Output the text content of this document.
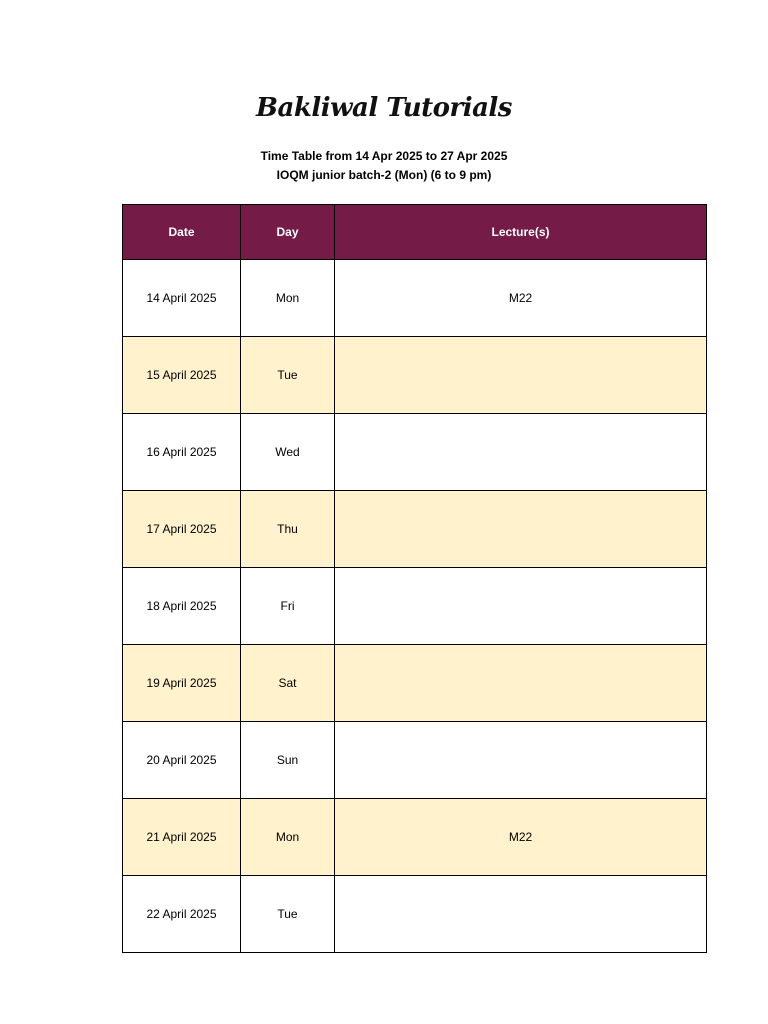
Bakliwal Tutorials
Time Table from 14 Apr 2025 to 27 Apr 2025
IOQM junior batch-2 (Mon) (6 to 9 pm)
Date	Day	Lecture(s)
14 April 2025	Mon	M22
15 April 2025	Tue	
16 April 2025	Wed	
17 April 2025	Thu	
18 April 2025	Fri	
19 April 2025	Sat	
20 April 2025	Sun	
21 April 2025	Mon	M22
22 April 2025	Tue	
